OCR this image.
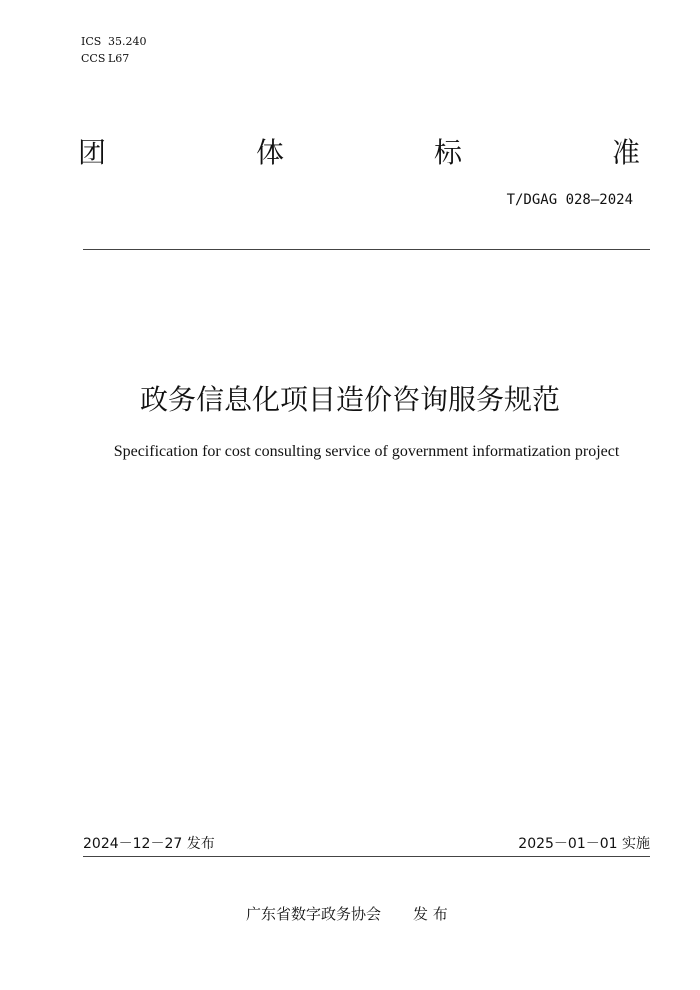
ICS 35.240
CCS L67
团	体	标	准
T/DGAG 028—2024
政务信息化项目造价咨询服务规范
Specification for cost consulting service of government informatization project
2024－12－27 发布	2025－01－01 实施
广东省数字政务协会 发 布
